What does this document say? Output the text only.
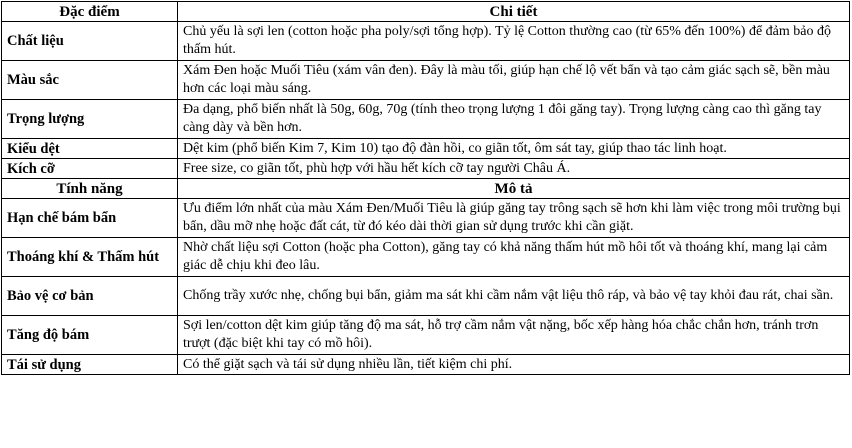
Đặc điểm	Chi tiết
Chất liệu	Chủ yếu là sợi len (cotton hoặc pha poly/sợi tổng hợp). Tỷ lệ Cotton thường cao (từ 65% đến 100%) để đảm bảo độ thấm hút.
Màu sắc	Xám Đen hoặc Muối Tiêu (xám vân đen). Đây là màu tối, giúp hạn chế lộ vết bẩn và tạo cảm giác sạch sẽ, bền màu hơn các loại màu sáng.
Trọng lượng	Đa dạng, phổ biến nhất là 50g, 60g, 70g (tính theo trọng lượng 1 đôi găng tay). Trọng lượng càng cao thì găng tay càng dày và bền hơn.
Kiểu dệt	Dệt kim (phổ biến Kim 7, Kim 10) tạo độ đàn hồi, co giãn tốt, ôm sát tay, giúp thao tác linh hoạt.
Kích cỡ	Free size, co giãn tốt, phù hợp với hầu hết kích cỡ tay người Châu Á.
Tính năng	Mô tả
Hạn chế bám bẩn	Ưu điểm lớn nhất của màu Xám Đen/Muối Tiêu là giúp găng tay trông sạch sẽ hơn khi làm việc trong môi trường bụi bẩn, dầu mỡ nhẹ hoặc đất cát, từ đó kéo dài thời gian sử dụng trước khi cần giặt.
Thoáng khí & Thấm hút	Nhờ chất liệu sợi Cotton (hoặc pha Cotton), găng tay có khả năng thấm hút mồ hôi tốt và thoáng khí, mang lại cảm giác dễ chịu khi đeo lâu.
Bảo vệ cơ bản	Chống trầy xước nhẹ, chống bụi bẩn, giảm ma sát khi cầm nắm vật liệu thô ráp, và bảo vệ tay khỏi đau rát, chai sần.
Tăng độ bám	Sợi len/cotton dệt kim giúp tăng độ ma sát, hỗ trợ cầm nắm vật nặng, bốc xếp hàng hóa chắc chắn hơn, tránh trơn trượt (đặc biệt khi tay có mồ hôi).
Tái sử dụng	Có thể giặt sạch và tái sử dụng nhiều lần, tiết kiệm chi phí.
